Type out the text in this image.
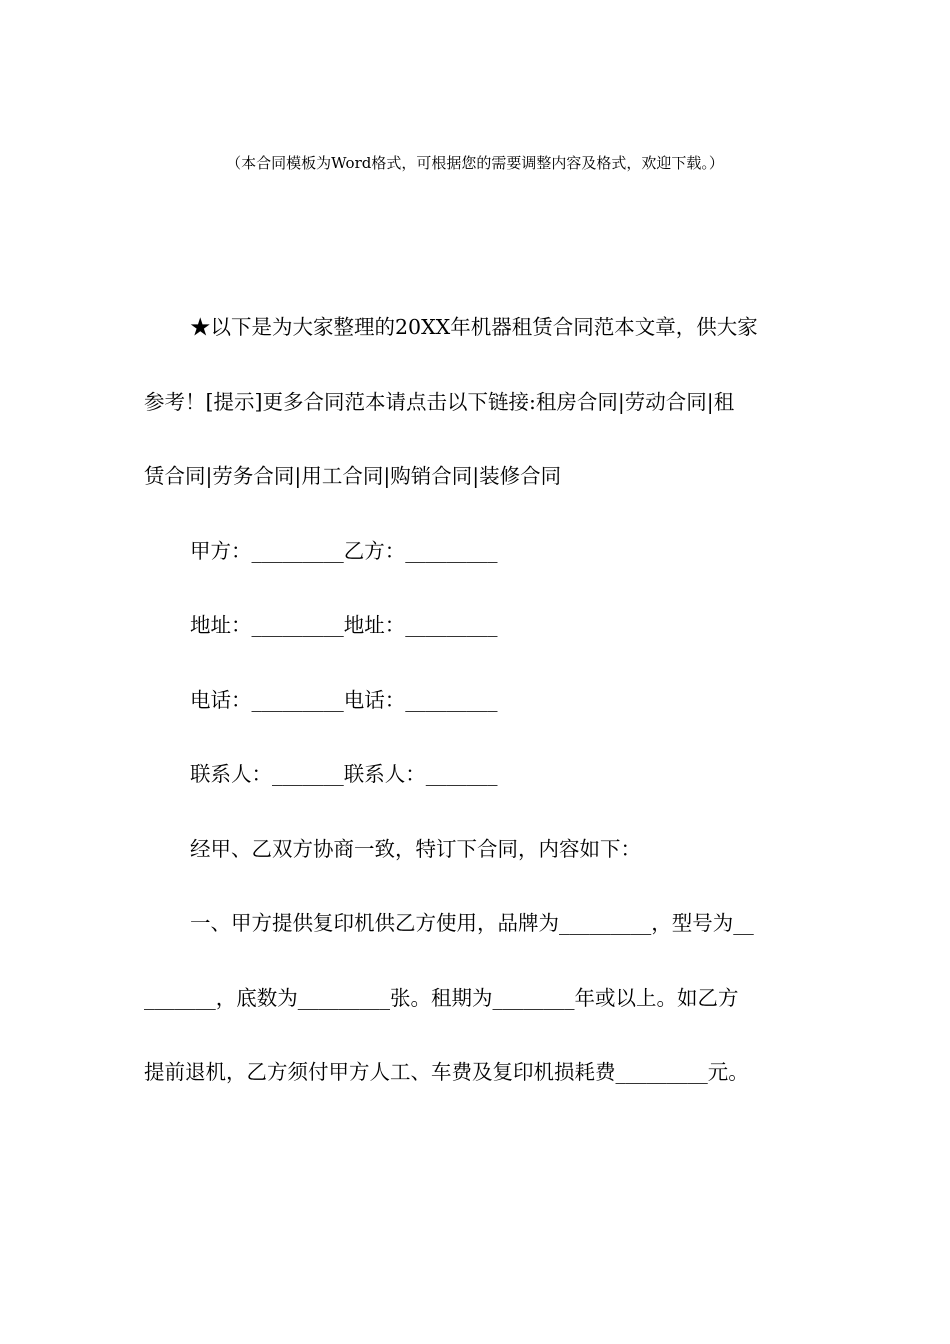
（本合同模板为Word格式，可根据您的需要调整内容及格式，欢迎下载。）
★以下是为大家整理的20XX年机器租赁合同范本文章，供大家
参考！[提示]更多合同范本请点击以下链接:租房合同|劳动合同|租
赁合同|劳务合同|用工合同|购销合同|装修合同

甲方：_________乙方：_________

地址：_________地址：_________

电话：_________电话：_________

联系人：_______联系人：_______

经甲、乙双方协商一致，特订下合同，内容如下：

一、甲方提供复印机供乙方使用，品牌为_________，型号为__
_______，底数为_________张。租期为________年或以上。如乙方
提前退机，乙方须付甲方人工、车费及复印机损耗费_________元。
